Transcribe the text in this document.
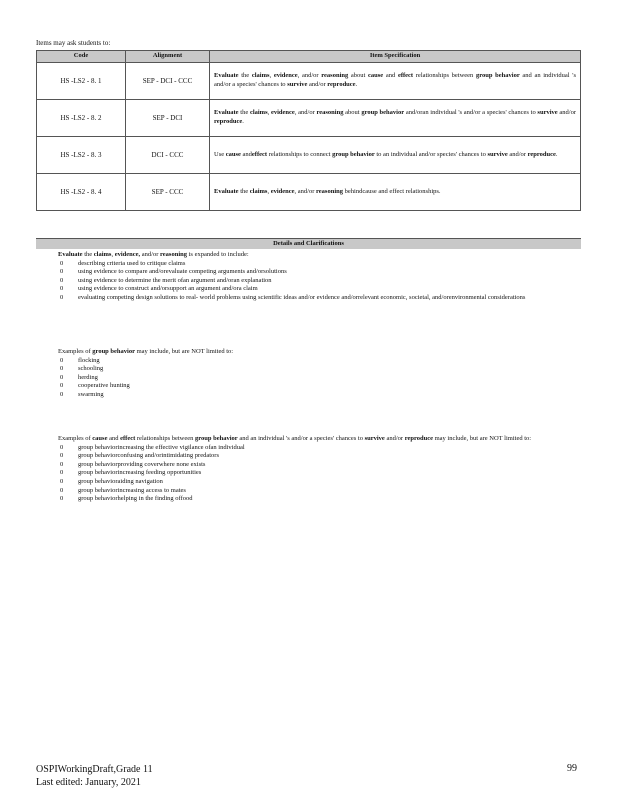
Items may ask students to:
Code	Alignment	Item Specification
HS -LS2 - 8. 1	SEP - DCI - CCC	Evaluate the claims, evidence, and/or reasoning about cause and effect relationships between group behavior and an individual 's and/or a species' chances to survive and/or reproduce.
HS -LS2 - 8. 2	SEP - DCI	Evaluate the claims, evidence, and/or reasoning about group behavior and/oran individual 's and/or a species' chances to survive and/or reproduce.
HS -LS2 - 8. 3	DCI - CCC	Use cause andeffect relationships to connect group behavior to an individual and/or species' chances to survive and/or reproduce.
HS -LS2 - 8. 4	SEP - CCC	Evaluate the claims, evidence, and/or reasoning behindcause and effect relationships.
Details and Clarifications
Evaluate the claims, evidence, and/or reasoning is expanded to include:
0	describing criteria used to critique claims
0	using evidence to compare and/orevaluate competing arguments and/orsolutions
0	using evidence to determine the merit ofan argument and/oran explanation
0	using evidence to construct and/orsupport an argument and/ora claim
0	evaluating competing design solutions to real- world problems using scientific ideas and/or evidence and/orrelevant economic, societal, and/orenvironmental considerations
Examples of group behavior may include, but are NOT limited to:
0	flocking
0	schooling
0	herding
0	cooperative hunting
0	swarming
Examples of cause and effect relationships between group behavior and an individual 's and/or a species' chances to survive and/or reproduce may include, but are NOT limited to:
0	group behaviorincreasing the effective vigilance ofan individual
0	group behaviorconfusing and/orintimidating predators
0	group behaviorproviding coverwhere none exists
0	group behaviorincreasing feeding opportunities
0	group behavioraiding navigation
0	group behaviorincreasing access to mates
0	group behaviorhelping in the finding offood
OSPIWorkingDraft,Grade 11
Last edited: January, 2021
99
